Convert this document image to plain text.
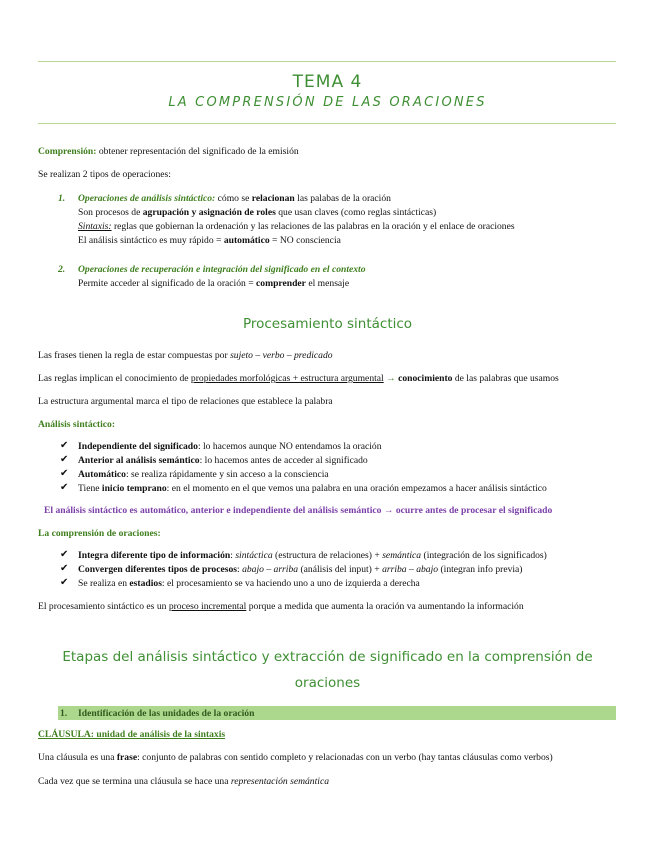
TEMA 4
LA COMPRENSIÓN DE LAS ORACIONES
Comprensión: obtener representación del significado de la emisión
Se realizan 2 tipos de operaciones:
1. Operaciones de análisis sintáctico: cómo se relacionan las palabas de la oración
Son procesos de agrupación y asignación de roles que usan claves (como reglas sintácticas)
Sintaxis: reglas que gobiernan la ordenación y las relaciones de las palabras en la oración y el enlace de oraciones
El análisis sintáctico es muy rápido = automático = NO consciencia
2. Operaciones de recuperación e integración del significado en el contexto
Permite acceder al significado de la oración = comprender el mensaje
Procesamiento sintáctico
Las frases tienen la regla de estar compuestas por sujeto – verbo – predicado
Las reglas implican el conocimiento de propiedades morfológicas + estructura argumental → conocimiento de las palabras que usamos
La estructura argumental marca el tipo de relaciones que establece la palabra
Análisis sintáctico:
✔ Independiente del significado: lo hacemos aunque NO entendamos la oración
✔ Anterior al análisis semántico: lo hacemos antes de acceder al significado
✔ Automático: se realiza rápidamente y sin acceso a la consciencia
✔ Tiene inicio temprano: en el momento en el que vemos una palabra en una oración empezamos a hacer análisis sintáctico
El análisis sintáctico es automático, anterior e independiente del análisis semántico → ocurre antes de procesar el significado
La comprensión de oraciones:
✔ Integra diferente tipo de información: sintáctica (estructura de relaciones) + semántica (integración de los significados)
✔ Convergen diferentes tipos de procesos: abajo – arriba (análisis del input) + arriba – abajo (integran info previa)
✔ Se realiza en estadios: el procesamiento se va haciendo uno a uno de izquierda a derecha
El procesamiento sintáctico es un proceso incremental porque a medida que aumenta la oración va aumentando la información
Etapas del análisis sintáctico y extracción de significado en la comprensión de
oraciones
1. Identificación de las unidades de la oración
CLÁUSULA: unidad de análisis de la sintaxis
Una cláusula es una frase: conjunto de palabras con sentido completo y relacionadas con un verbo (hay tantas cláusulas como verbos)
Cada vez que se termina una cláusula se hace una representación semántica
